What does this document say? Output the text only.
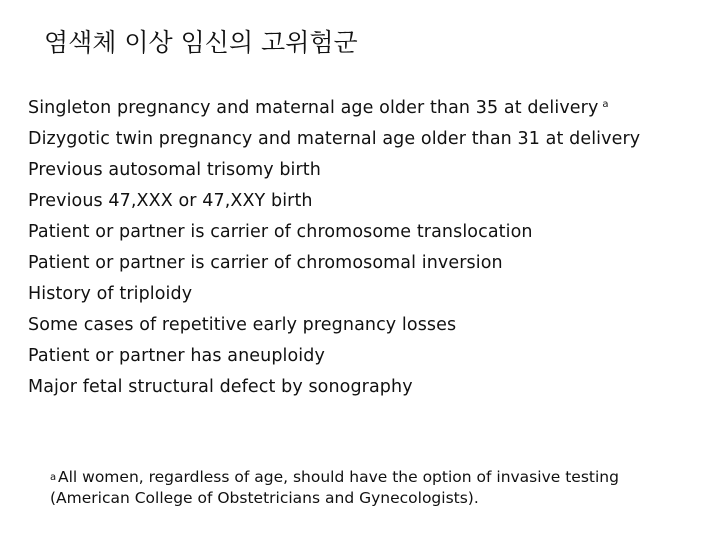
염색체 이상 임신의 고위험군
Singleton pregnancy and maternal age older than 35 at delivery $^a$
Dizygotic twin pregnancy and maternal age older than 31 at delivery
Previous autosomal trisomy birth
Previous 47,XXX or 47,XXY birth
Patient or partner is carrier of chromosome translocation
Patient or partner is carrier of chromosomal inversion
History of triploidy
Some cases of repetitive early pregnancy losses
Patient or partner has aneuploidy
Major fetal structural defect by sonography
a All women, regardless of age, should have the option of invasive testing (American College of Obstetricians and Gynecologists).
